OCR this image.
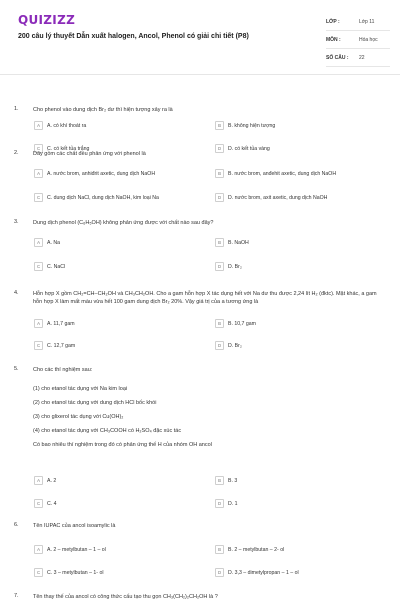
QUIZIZZ
200 câu lý thuyết Dẫn xuất halogen, Ancol, Phenol có giải chi tiết (P8)
LỚP :	Lớp 11
MÔN :	Hóa học
SỐ CÂU :	22
1.	Cho phenol vào dung dịch Br₂ dư thì hiện tượng xảy ra là
A	A. có khí thoát ra	B	B. không hiện tượng
C	C. có kết tủa trắng	D	D. có kết tủa vàng
2.	Dãy gồm các chất đều phản ứng với phenol là
A	A. nước brom, anhiđrit axetic, dung dịch NaOH	B	B. nước brom, anđehit axetic, dung dịch NaOH
C	C. dung dịch NaCl, dung dịch NaOH, kim loại Na	D	D. nước brom, axit axetic, dung dịch NaOH
3.	Dung dịch phenol (C₆H₅OH) không phản ứng được với chất nào sau đây?
A	A. Na	B	B. NaOH
C	C. NaCl	D	D. Br₂
4.	Hỗn hợp X gồm CH₂=CH–CH₂OH và CH₃CH₂OH. Cho a gam hỗn hợp X tác dụng hết với Na dư thu được 2,24 lít H₂ (đktc). Mặt khác, a gam hỗn hợp X làm mất màu vừa hết 100 gam dung dịch Br₂ 20%. Vậy giá trị của a tương ứng là
A	A. 11,7 gam	B	B. 10,7 gam
C	C. 12,7 gam	D	D. Br₂
5.	Cho các thí nghiệm sau:
(1) cho etanol tác dụng với Na kim loại
(2) cho etanol tác dụng với dung dịch HCl bốc khói
(3) cho glixerol tác dụng với Cu(OH)₂
(4) cho etanol tác dụng với CH₃COOH có H₂SO₄ đặc xúc tác
Có bao nhiêu thí nghiệm trong đó có phản ứng thế H của nhóm OH ancol
A	A. 2	B	B. 3
C	C. 4	D	D. 1
6.	Tên IUPAC của ancol isoamylic là
A	A. 2 – metylbutan – 1 – ol	B	B. 2 – metylbutan – 2- ol
C	C. 3 – metylbutan – 1- ol	D	D. 3,3 – dimetylpropan – 1 – ol
7.	Tên thay thế của ancol có công thức cấu tạo thu gọn CH₃(CH₂)₂CH₂OH là ?
